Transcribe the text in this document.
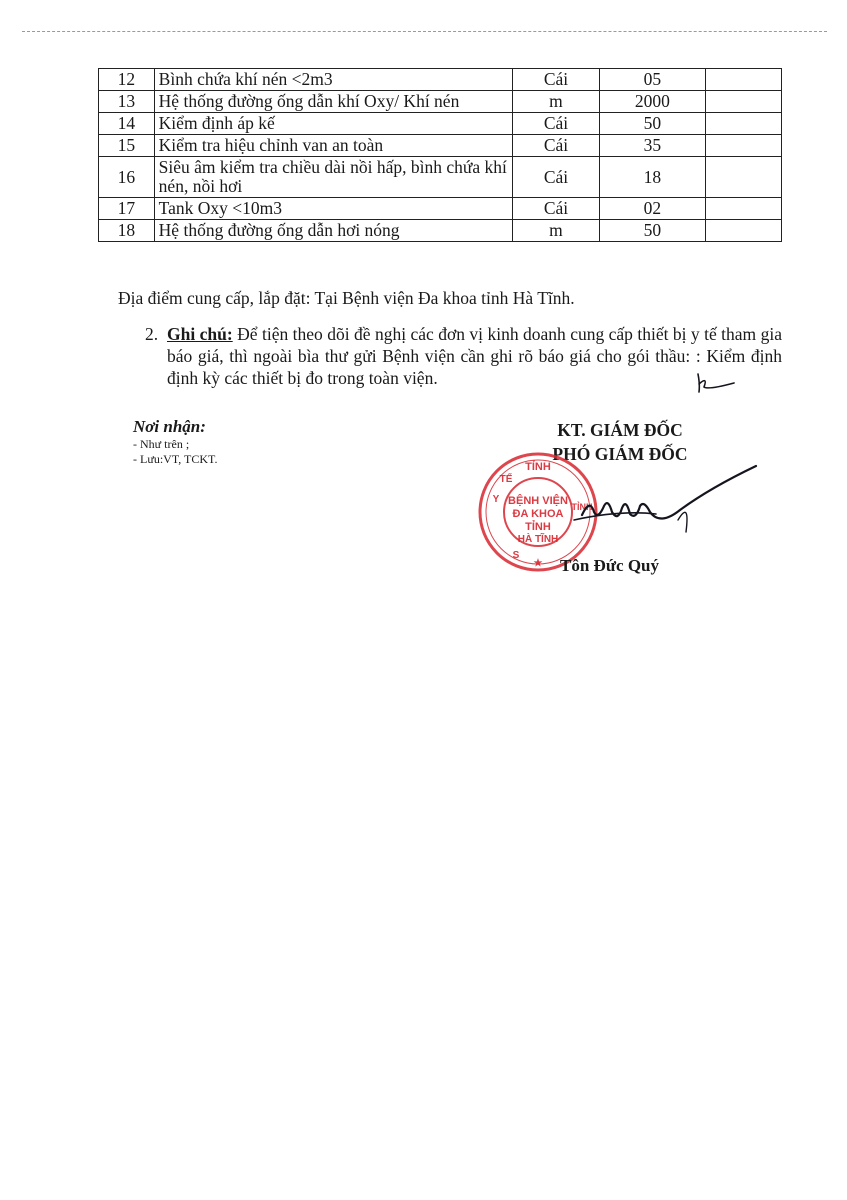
12	Bình chứa khí nén <2m3	Cái	05	
13	Hệ thống đường ống dẫn khí Oxy/ Khí nén	m	2000	
14	Kiểm định áp kế	Cái	50	
15	Kiểm tra hiệu chỉnh van an toàn	Cái	35	
16	Siêu âm kiểm tra chiều dài nồi hấp, bình chứa khí nén, nồi hơi	Cái	18	
17	Tank Oxy <10m3	Cái	02	
18	Hệ thống đường ống dẫn hơi nóng	m	50	
Địa điểm cung cấp, lắp đặt: Tại Bệnh viện Đa khoa tỉnh Hà Tĩnh.
2. Ghi chú: Để tiện theo dõi đề nghị các đơn vị kinh doanh cung cấp thiết bị y tế tham gia báo giá, thì ngoài bìa thư gửi Bệnh viện cần ghi rõ báo giá cho gói thầu: : Kiểm định định kỳ các thiết bị đo trong toàn viện.
Nơi nhận:
- Như trên ;
- Lưu:VT, TCKT.
KT. GIÁM ĐỐC
PHÓ GIÁM ĐỐC
TỈNH
Y
TẾ
TỈNH
BỆNH VIỆN
ĐA KHOA
TỈNH
HÀ TĨNH
S
★ Tôn Đức Quý
